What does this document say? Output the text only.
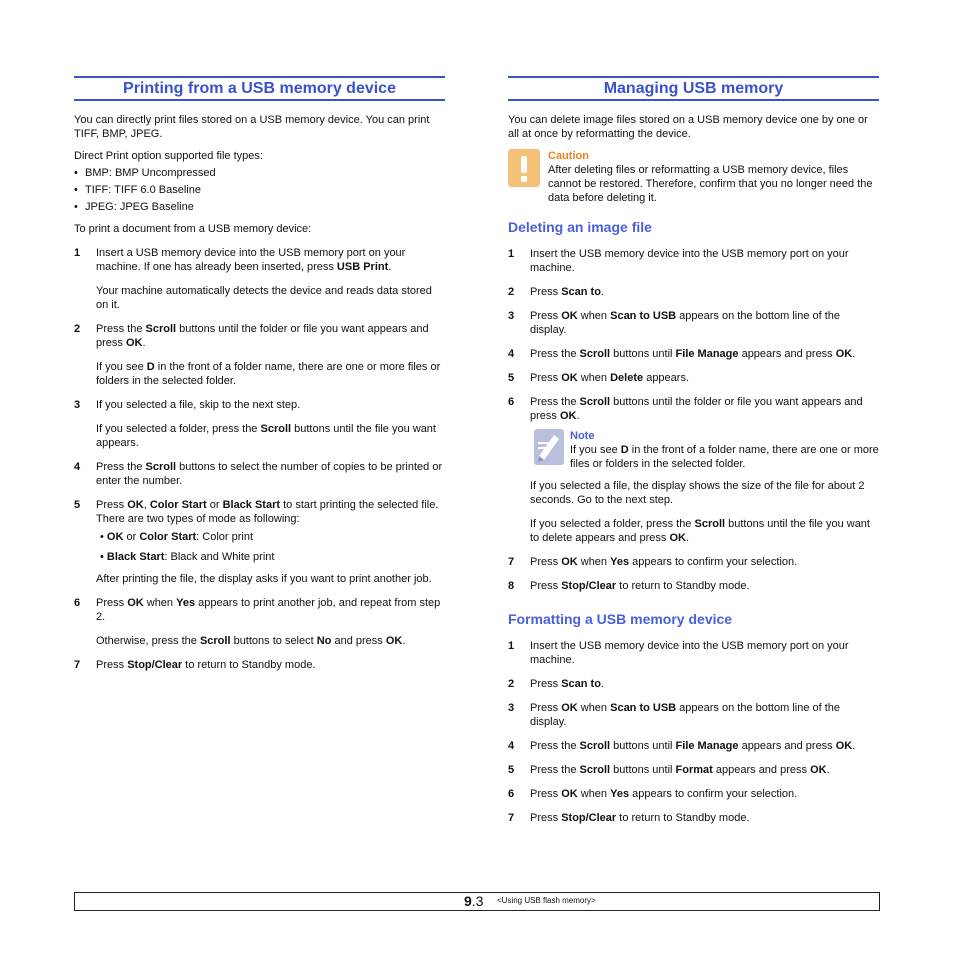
Printing from a USB memory device

You can directly print files stored on a USB memory device. You can print TIFF, BMP, JPEG.

Direct Print option supported file types:

• BMP: BMP Uncompressed
• TIFF: TIFF 6.0 Baseline
• JPEG: JPEG Baseline

To print a document from a USB memory device:

1 Insert a USB memory device into the USB memory port on your machine. If one has already been inserted, press USB Print.

Your machine automatically detects the device and reads data stored on it.

2 Press the Scroll buttons until the folder or file you want appears and press OK.

If you see D in the front of a folder name, there are one or more files or folders in the selected folder.

3 If you selected a file, skip to the next step.

If you selected a folder, press the Scroll buttons until the file you want appears.

4 Press the Scroll buttons to select the number of copies to be printed or enter the number.
5 Press OK, Color Start or Black Start to start printing the selected file.
There are two types of mode as following:

• OK or Color Start: Color print

• Black Start: Black and White print

After printing the file, the display asks if you want to print another job.

6 Press OK when Yes appears to print another job, and repeat from step 2.

Otherwise, press the Scroll buttons to select No and press OK.

7 Press Stop/Clear to return to Standby mode.
Managing USB memory

You can delete image files stored on a USB memory device one by one or all at once by reformatting the device.

Caution

After deleting files or reformatting a USB memory device, files cannot be restored. Therefore, confirm that you no longer need the data before deleting it.

Deleting an image file
1 Insert the USB memory device into the USB memory port on your machine.
2 Press Scan to.
3 Press OK when Scan to USB appears on the bottom line of the display.
4 Press the Scroll buttons until File Manage appears and press OK.
5 Press OK when Delete appears.
6 Press the Scroll buttons until the folder or file you want appears and press OK.
Note

If you see D in the front of a folder name, there are one or more files or folders in the selected folder.

If you selected a file, the display shows the size of the file for about 2 seconds. Go to the next step.

If you selected a folder, press the Scroll buttons until the file you want to delete appears and press OK.

7 Press OK when Yes appears to confirm your selection.
8 Press Stop/Clear to return to Standby mode.
Formatting a USB memory device
1 Insert the USB memory device into the USB memory port on your machine.
2 Press Scan to.
3 Press OK when Scan to USB appears on the bottom line of the display.
4 Press the Scroll buttons until File Manage appears and press OK.
5 Press the Scroll buttons until Format appears and press OK.
6 Press OK when Yes appears to confirm your selection.
7 Press Stop/Clear to return to Standby mode.
9.3 <Using USB flash memory>
